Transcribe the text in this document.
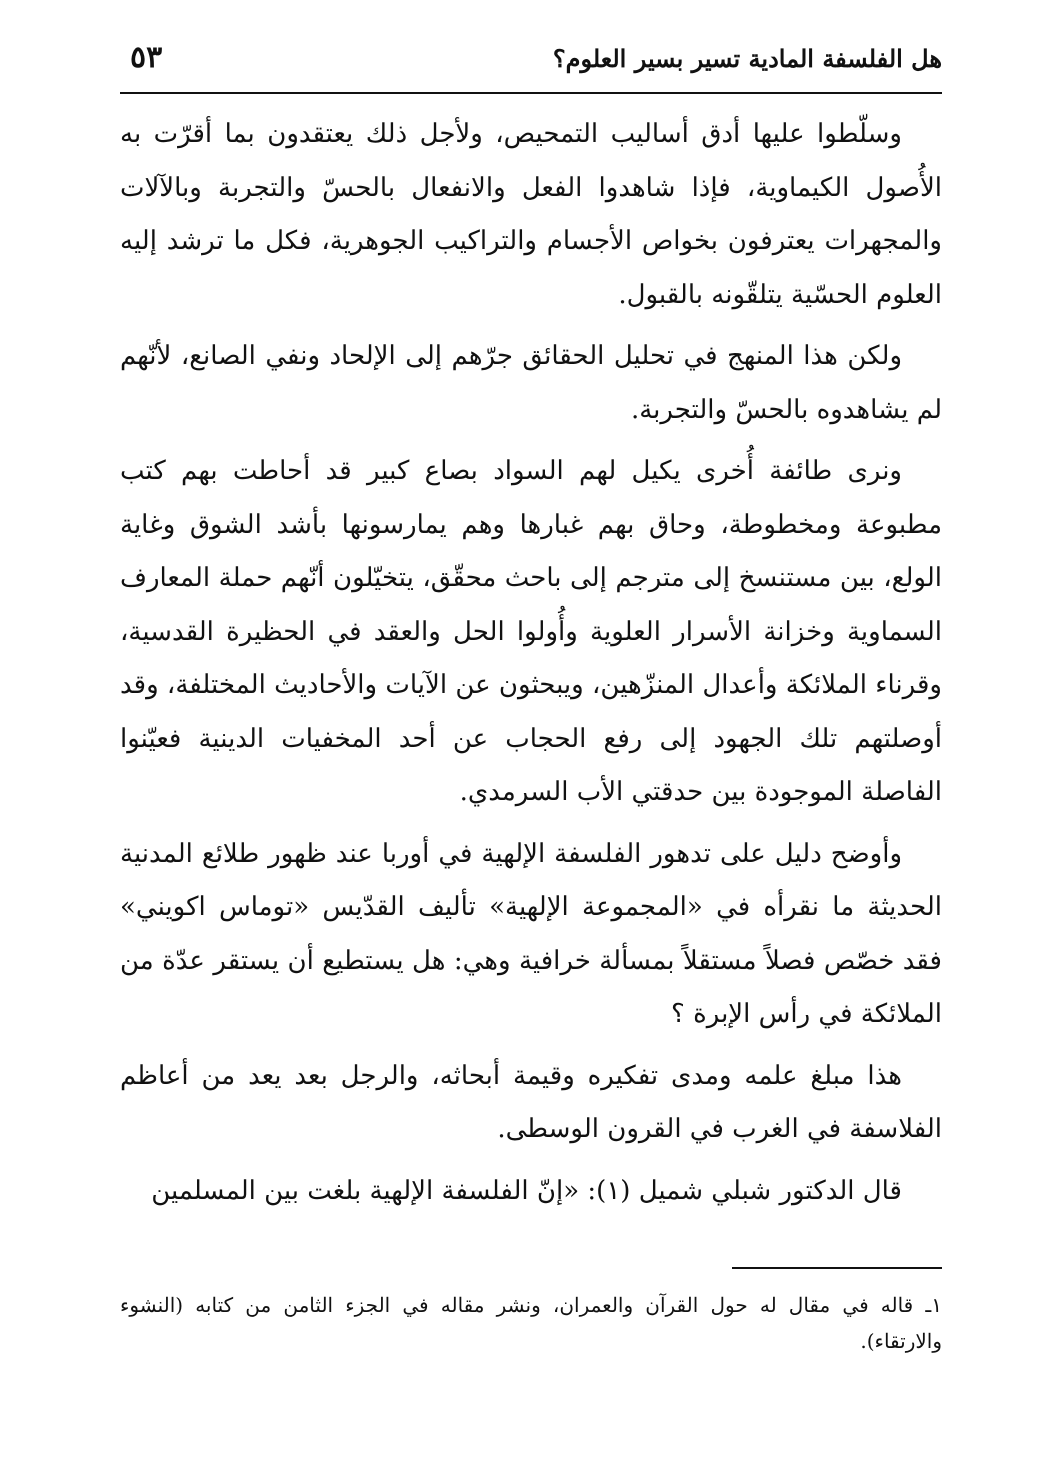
هل الفلسفة المادية تسير بسير العلوم؟
٥٣

وسلّطوا عليها أدق أساليب التمحيص، ولأجل ذلك يعتقدون بما أقرّت به الأُصول الكيماوية، فإذا شاهدوا الفعل والانفعال بالحسّ والتجربة وبالآلات والمجهرات يعترفون بخواص الأجسام والتراكيب الجوهرية، فكل ما ترشد إليه العلوم الحسّية يتلقّونه بالقبول.

ولكن هذا المنهج في تحليل الحقائق جرّهم إلى الإلحاد ونفي الصانع، لأنّهم لم يشاهدوه بالحسّ والتجربة.

ونرى طائفة أُخرى يكيل لهم السواد بصاع كبير قد أحاطت بهم كتب مطبوعة ومخطوطة، وحاق بهم غبارها وهم يمارسونها بأشد الشوق وغاية الولع، بين مستنسخ إلى مترجم إلى باحث محقّق، يتخيّلون أنّهم حملة المعارف السماوية وخزانة الأسرار العلوية وأُولوا الحل والعقد في الحظيرة القدسية، وقرناء الملائكة وأعدال المنزّهين، ويبحثون عن الآيات والأحاديث المختلفة، وقد أوصلتهم تلك الجهود إلى رفع الحجاب عن أحد المخفيات الدينية فعيّنوا الفاصلة الموجودة بين حدقتي الأب السرمدي.

وأوضح دليل على تدهور الفلسفة الإلهية في أوربا عند ظهور طلائع المدنية الحديثة ما نقرأه في «المجموعة الإلهية» تأليف القدّيس «توماس اكويني» فقد خصّص فصلاً مستقلاً بمسألة خرافية وهي: هل يستطيع أن يستقر عدّة من الملائكة في رأس الإبرة ؟

هذا مبلغ علمه ومدى تفكيره وقيمة أبحاثه، والرجل بعد يعد من أعاظم الفلاسفة في الغرب في القرون الوسطى.

قال الدكتور شبلي شميل (١): «إنّ الفلسفة الإلهية بلغت بين المسلمين

١ـ قاله في مقال له حول القرآن والعمران، ونشر مقاله في الجزء الثامن من كتابه (النشوء والارتقاء).
